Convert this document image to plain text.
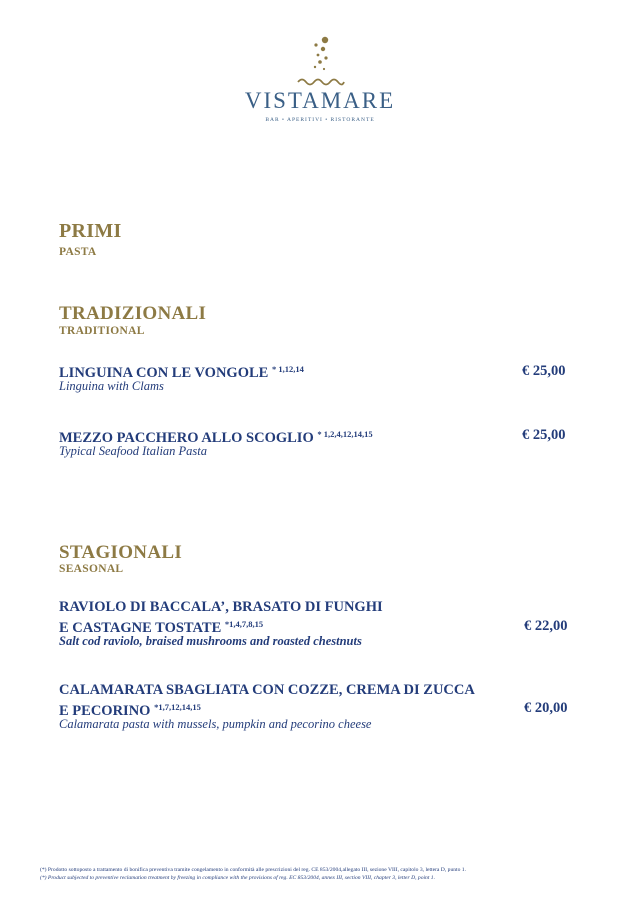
VISTAMARE
BAR • APERITIVI • RISTORANTE
PRIMI
PASTA
TRADIZIONALI
TRADITIONAL
LINGUINA CON LE VONGOLE $^{* 1,12,14}$
Linguina with Clams
€ 25,00
MEZZO PACCHERO ALLO SCOGLIO $^{* 1,2,4,12,14,15}$
Typical Seafood Italian Pasta
€ 25,00
STAGIONALI
SEASONAL
RAVIOLO DI BACCALA’, BRASATO DI FUNGHI
E CASTAGNE TOSTATE $^{*1,4,7,8,15}$
Salt cod raviolo, braised mushrooms and roasted chestnuts
€ 22,00
CALAMARATA SBAGLIATA CON COZZE, CREMA DI ZUCCA
E PECORINO $^{*1,7,12,14,15}$
Calamarata pasta with mussels, pumpkin and pecorino cheese
€ 20,00
(*) Prodotto sottoposto a trattamento di bonifica preventiva tramite congelamento in conformità alle prescrizioni del reg. CE 853/2004,allegato III, sezione VIII, capitolo 3, lettera D, punto 1.
(*) Product subjected to preventive reclamation treatment by freezing in compliance with the provisions of reg. EC 853/2004, annex III, section VIII, chapter 3, letter D, point 1.
